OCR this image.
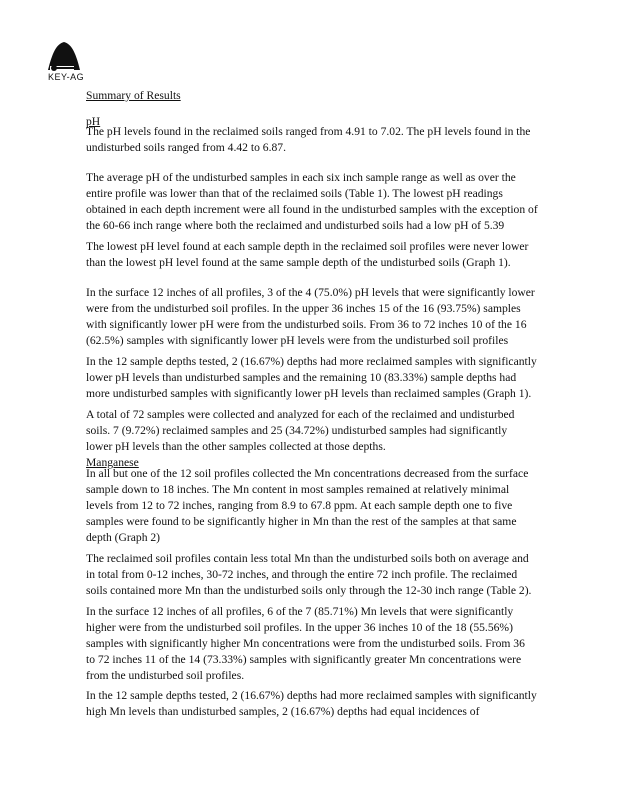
KEY-AG
Summary of Results
pH
The pH levels found in the reclaimed soils ranged from 4.91 to 7.02. The pH levels found in the
undisturbed soils ranged from 4.42 to 6.87.
The average pH of the undisturbed samples in each six inch sample range as well as over the
entire profile was lower than that of the reclaimed soils (Table 1). The lowest pH readings
obtained in each depth increment were all found in the undisturbed samples with the exception of
the 60-66 inch range where both the reclaimed and undisturbed soils had a low pH of 5.39
The lowest pH level found at each sample depth in the reclaimed soil profiles were never lower
than the lowest pH level found at the same sample depth of the undisturbed soils (Graph 1).
In the surface 12 inches of all profiles, 3 of the 4 (75.0%) pH levels that were significantly lower
were from the undisturbed soil profiles. In the upper 36 inches 15 of the 16 (93.75%) samples
with significantly lower pH were from the undisturbed soils. From 36 to 72 inches 10 of the 16
(62.5%) samples with significantly lower pH levels were from the undisturbed soil profiles
In the 12 sample depths tested, 2 (16.67%) depths had more reclaimed samples with significantly
lower pH levels than undisturbed samples and the remaining 10 (83.33%) sample depths had
more undisturbed samples with significantly lower pH levels than reclaimed samples (Graph 1).
A total of 72 samples were collected and analyzed for each of the reclaimed and undisturbed
soils. 7 (9.72%) reclaimed samples and 25 (34.72%) undisturbed samples had significantly
lower pH levels than the other samples collected at those depths.
Manganese
In all but one of the 12 soil profiles collected the Mn concentrations decreased from the surface
sample down to 18 inches. The Mn content in most samples remained at relatively minimal
levels from 12 to 72 inches, ranging from 8.9 to 67.8 ppm. At each sample depth one to five
samples were found to be significantly higher in Mn than the rest of the samples at that same
depth (Graph 2)
The reclaimed soil profiles contain less total Mn than the undisturbed soils both on average and
in total from 0-12 inches, 30-72 inches, and through the entire 72 inch profile. The reclaimed
soils contained more Mn than the undisturbed soils only through the 12-30 inch range (Table 2).
In the surface 12 inches of all profiles, 6 of the 7 (85.71%) Mn levels that were significantly
higher were from the undisturbed soil profiles. In the upper 36 inches 10 of the 18 (55.56%)
samples with significantly higher Mn concentrations were from the undisturbed soils. From 36
to 72 inches 11 of the 14 (73.33%) samples with significantly greater Mn concentrations were
from the undisturbed soil profiles.
In the 12 sample depths tested, 2 (16.67%) depths had more reclaimed samples with significantly
high Mn levels than undisturbed samples, 2 (16.67%) depths had equal incidences of
